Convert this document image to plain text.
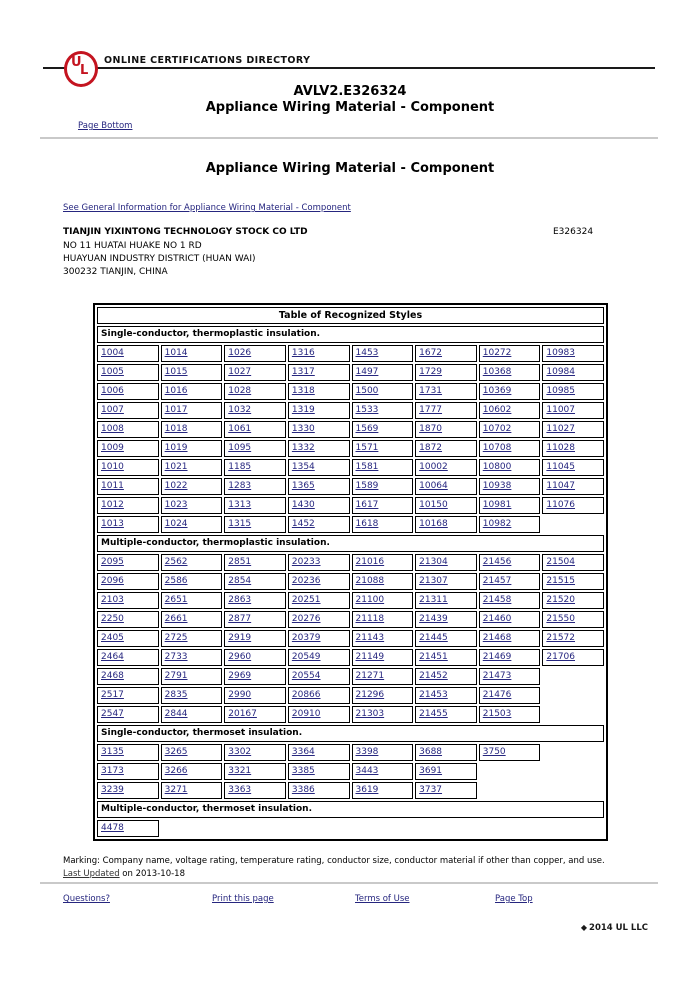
U
L
ONLINE CERTIFICATIONS DIRECTORY
AVLV2.E326324
Appliance Wiring Material - Component
Page Bottom
Appliance Wiring Material - Component
See General Information for Appliance Wiring Material - Component
TIANJIN YIXINTONG TECHNOLOGY STOCK CO LTD	E326324
NO 11 HUATAI HUAKE NO 1 RD
HUAYUAN INDUSTRY DISTRICT (HUAN WAI)
300232 TIANJIN, CHINA
Table of Recognized Styles							
Single-conductor, thermoplastic insulation.							
1004	1014	1026	1316	1453	1672	10272	10983
1005	1015	1027	1317	1497	1729	10368	10984
1006	1016	1028	1318	1500	1731	10369	10985
1007	1017	1032	1319	1533	1777	10602	11007
1008	1018	1061	1330	1569	1870	10702	11027
1009	1019	1095	1332	1571	1872	10708	11028
1010	1021	1185	1354	1581	10002	10800	11045
1011	1022	1283	1365	1589	10064	10938	11047
1012	1023	1313	1430	1617	10150	10981	11076
1013	1024	1315	1452	1618	10168	10982	
Multiple-conductor, thermoplastic insulation.							
2095	2562	2851	20233	21016	21304	21456	21504
2096	2586	2854	20236	21088	21307	21457	21515
2103	2651	2863	20251	21100	21311	21458	21520
2250	2661	2877	20276	21118	21439	21460	21550
2405	2725	2919	20379	21143	21445	21468	21572
2464	2733	2960	20549	21149	21451	21469	21706
2468	2791	2969	20554	21271	21452	21473	
2517	2835	2990	20866	21296	21453	21476	
2547	2844	20167	20910	21303	21455	21503	
Single-conductor, thermoset insulation.							
3135	3265	3302	3364	3398	3688	3750	
3173	3266	3321	3385	3443	3691		
3239	3271	3363	3386	3619	3737		
Multiple-conductor, thermoset insulation.							
4478							
Marking: Company name, voltage rating, temperature rating, conductor size, conductor material if other than copper, and use.
Last Updated on 2013-10-18
Questions?	Print this page	Terms of Use	Page Top
◆ 2014 UL LLC
